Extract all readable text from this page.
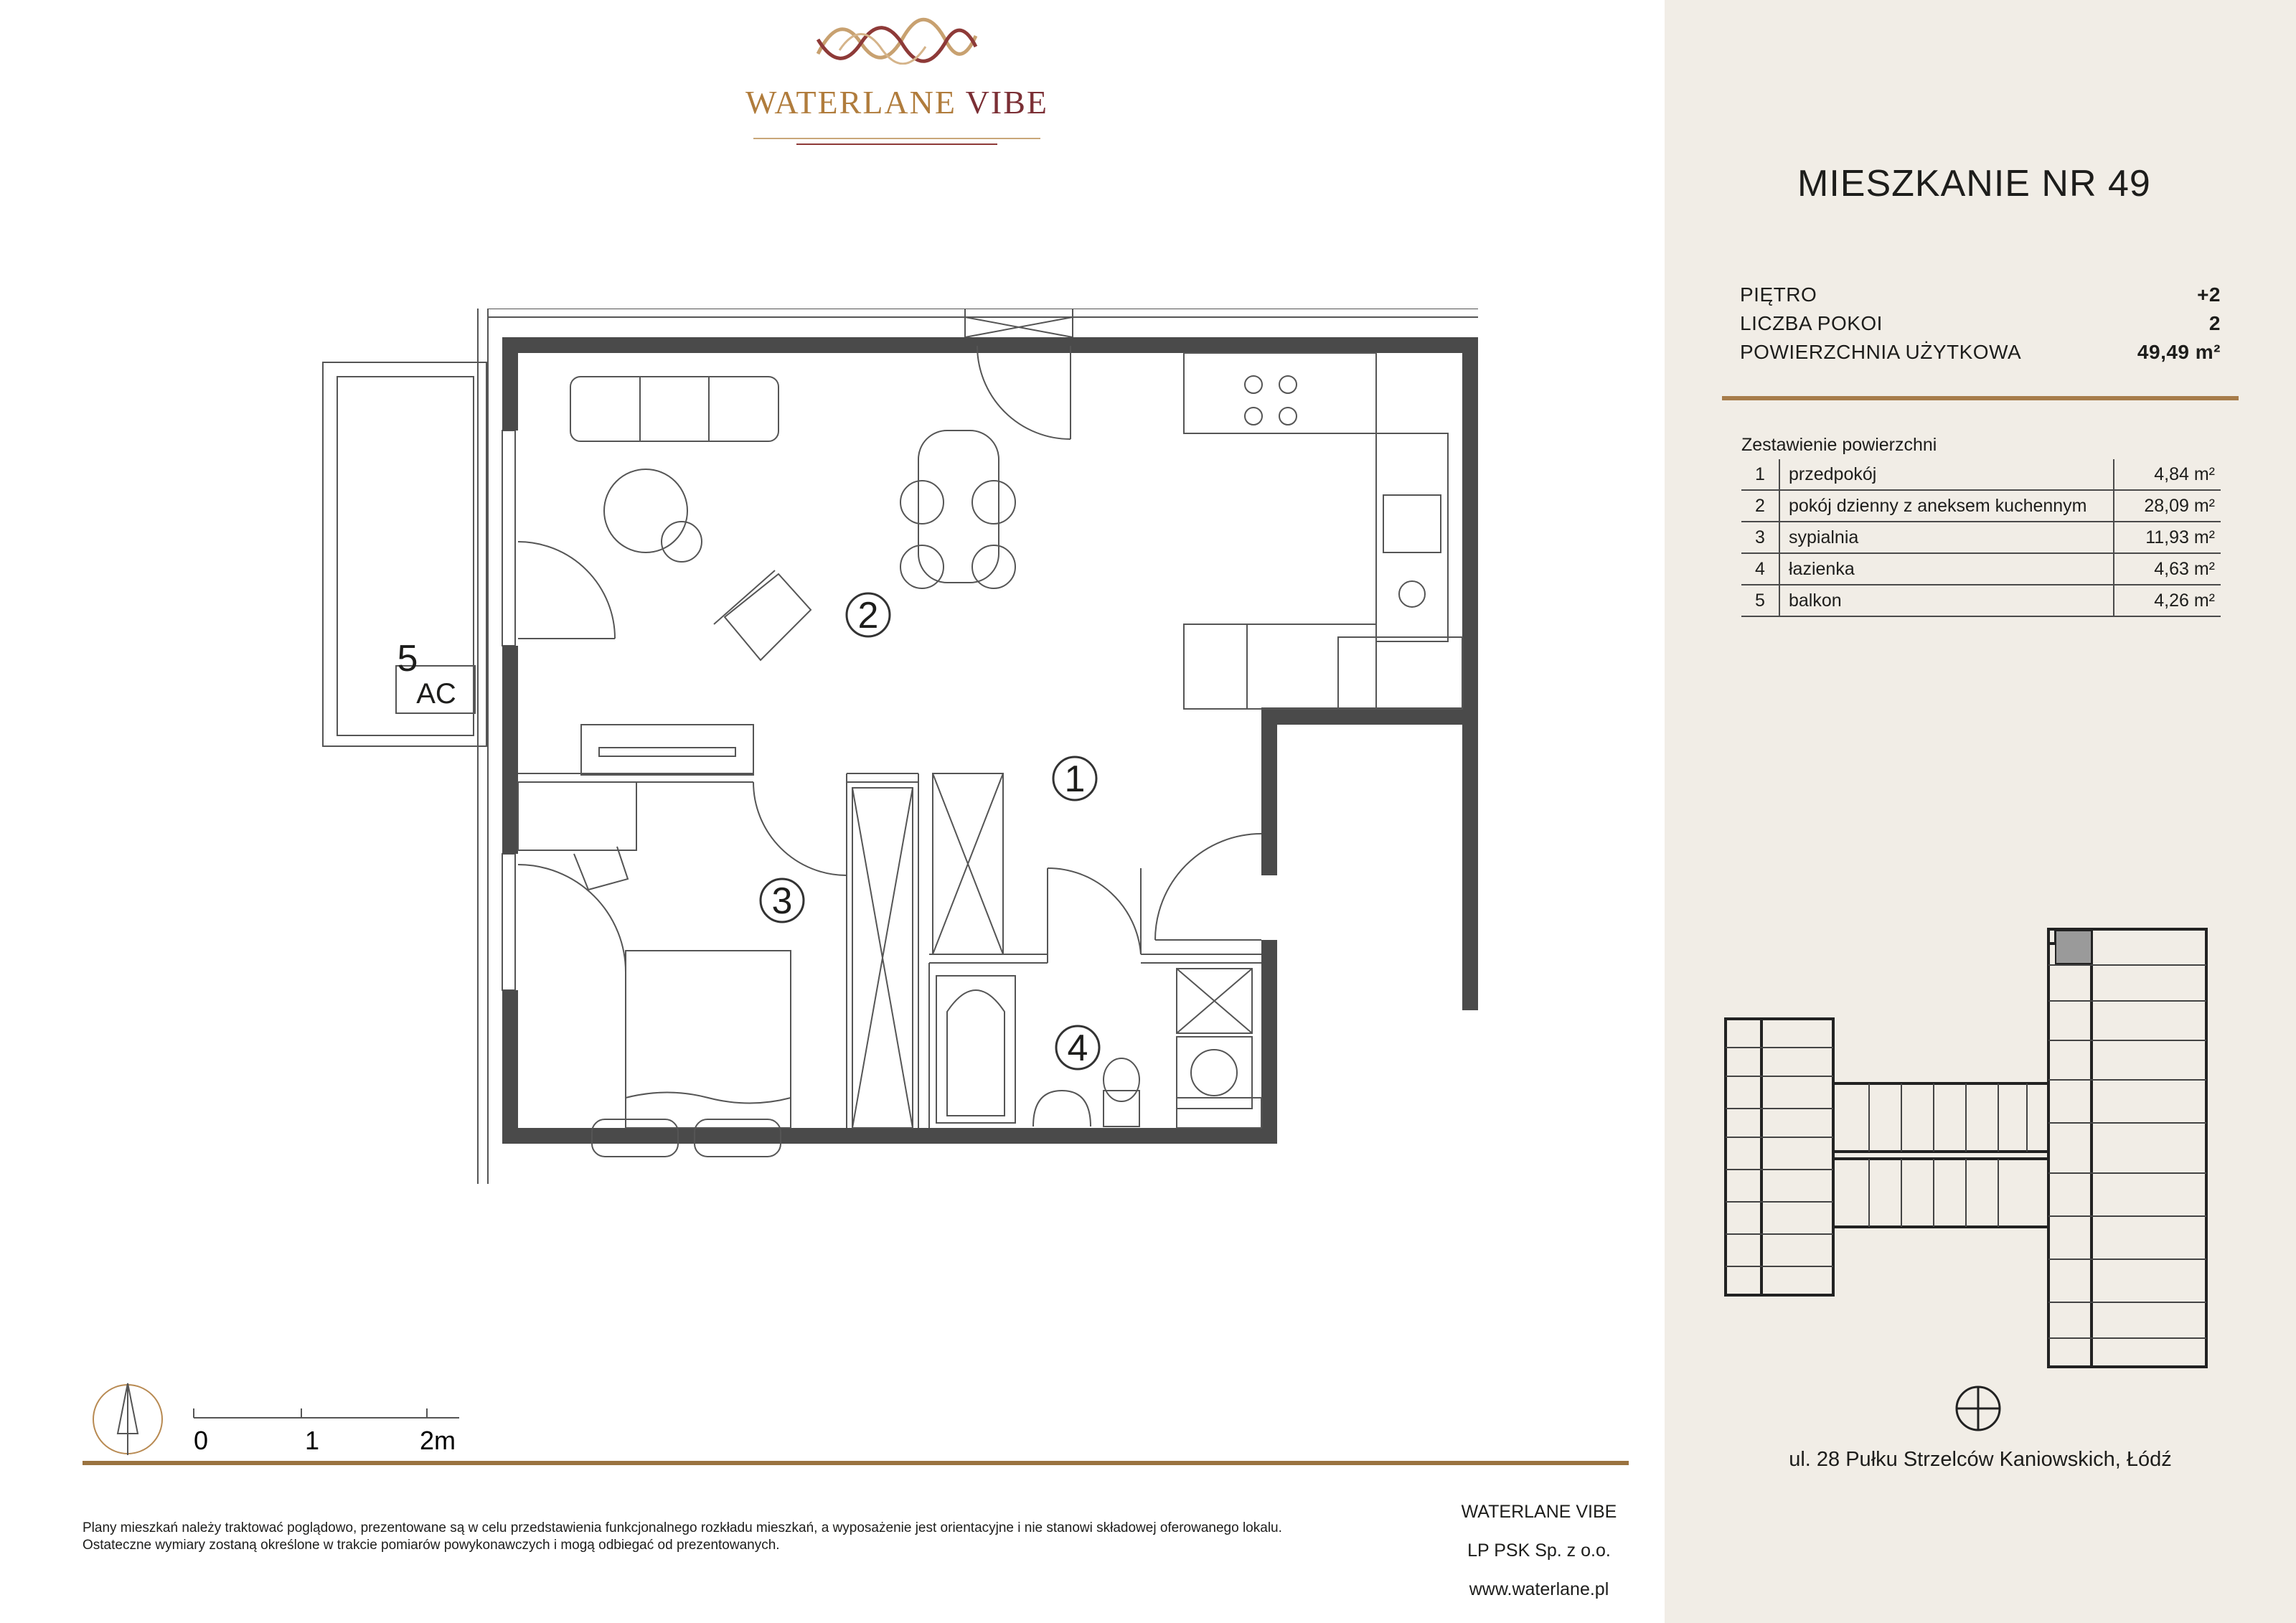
WATERLANE VIBE
1
2
3
4
5
AC
0	1	2m
Plany mieszkań należy traktować poglądowo, prezentowane są w celu przedstawienia funkcjonalnego rozkładu mieszkań, a wyposażenie jest orientacyjne i nie stanowi składowej oferowanego lokalu.
Ostateczne wymiary zostaną określone w trakcie pomiarów powykonawczych i mogą odbiegać od prezentowanych.
WATERLANE VIBE
LP PSK Sp. z o.o.
www.waterlane.pl
MIESZKANIE NR 49
PIĘTRO	+2
LICZBA POKOI	2
POWIERZCHNIA UŻYTKOWA	49,49 m²
Zestawienie powierzchni
1	przedpokój	4,84 m²
2	pokój dzienny z aneksem kuchennym	28,09 m²
3	sypialnia	11,93 m²
4	łazienka	4,63 m²
5	balkon	4,26 m²
ul. 28 Pułku Strzelców Kaniowskich, Łódź
